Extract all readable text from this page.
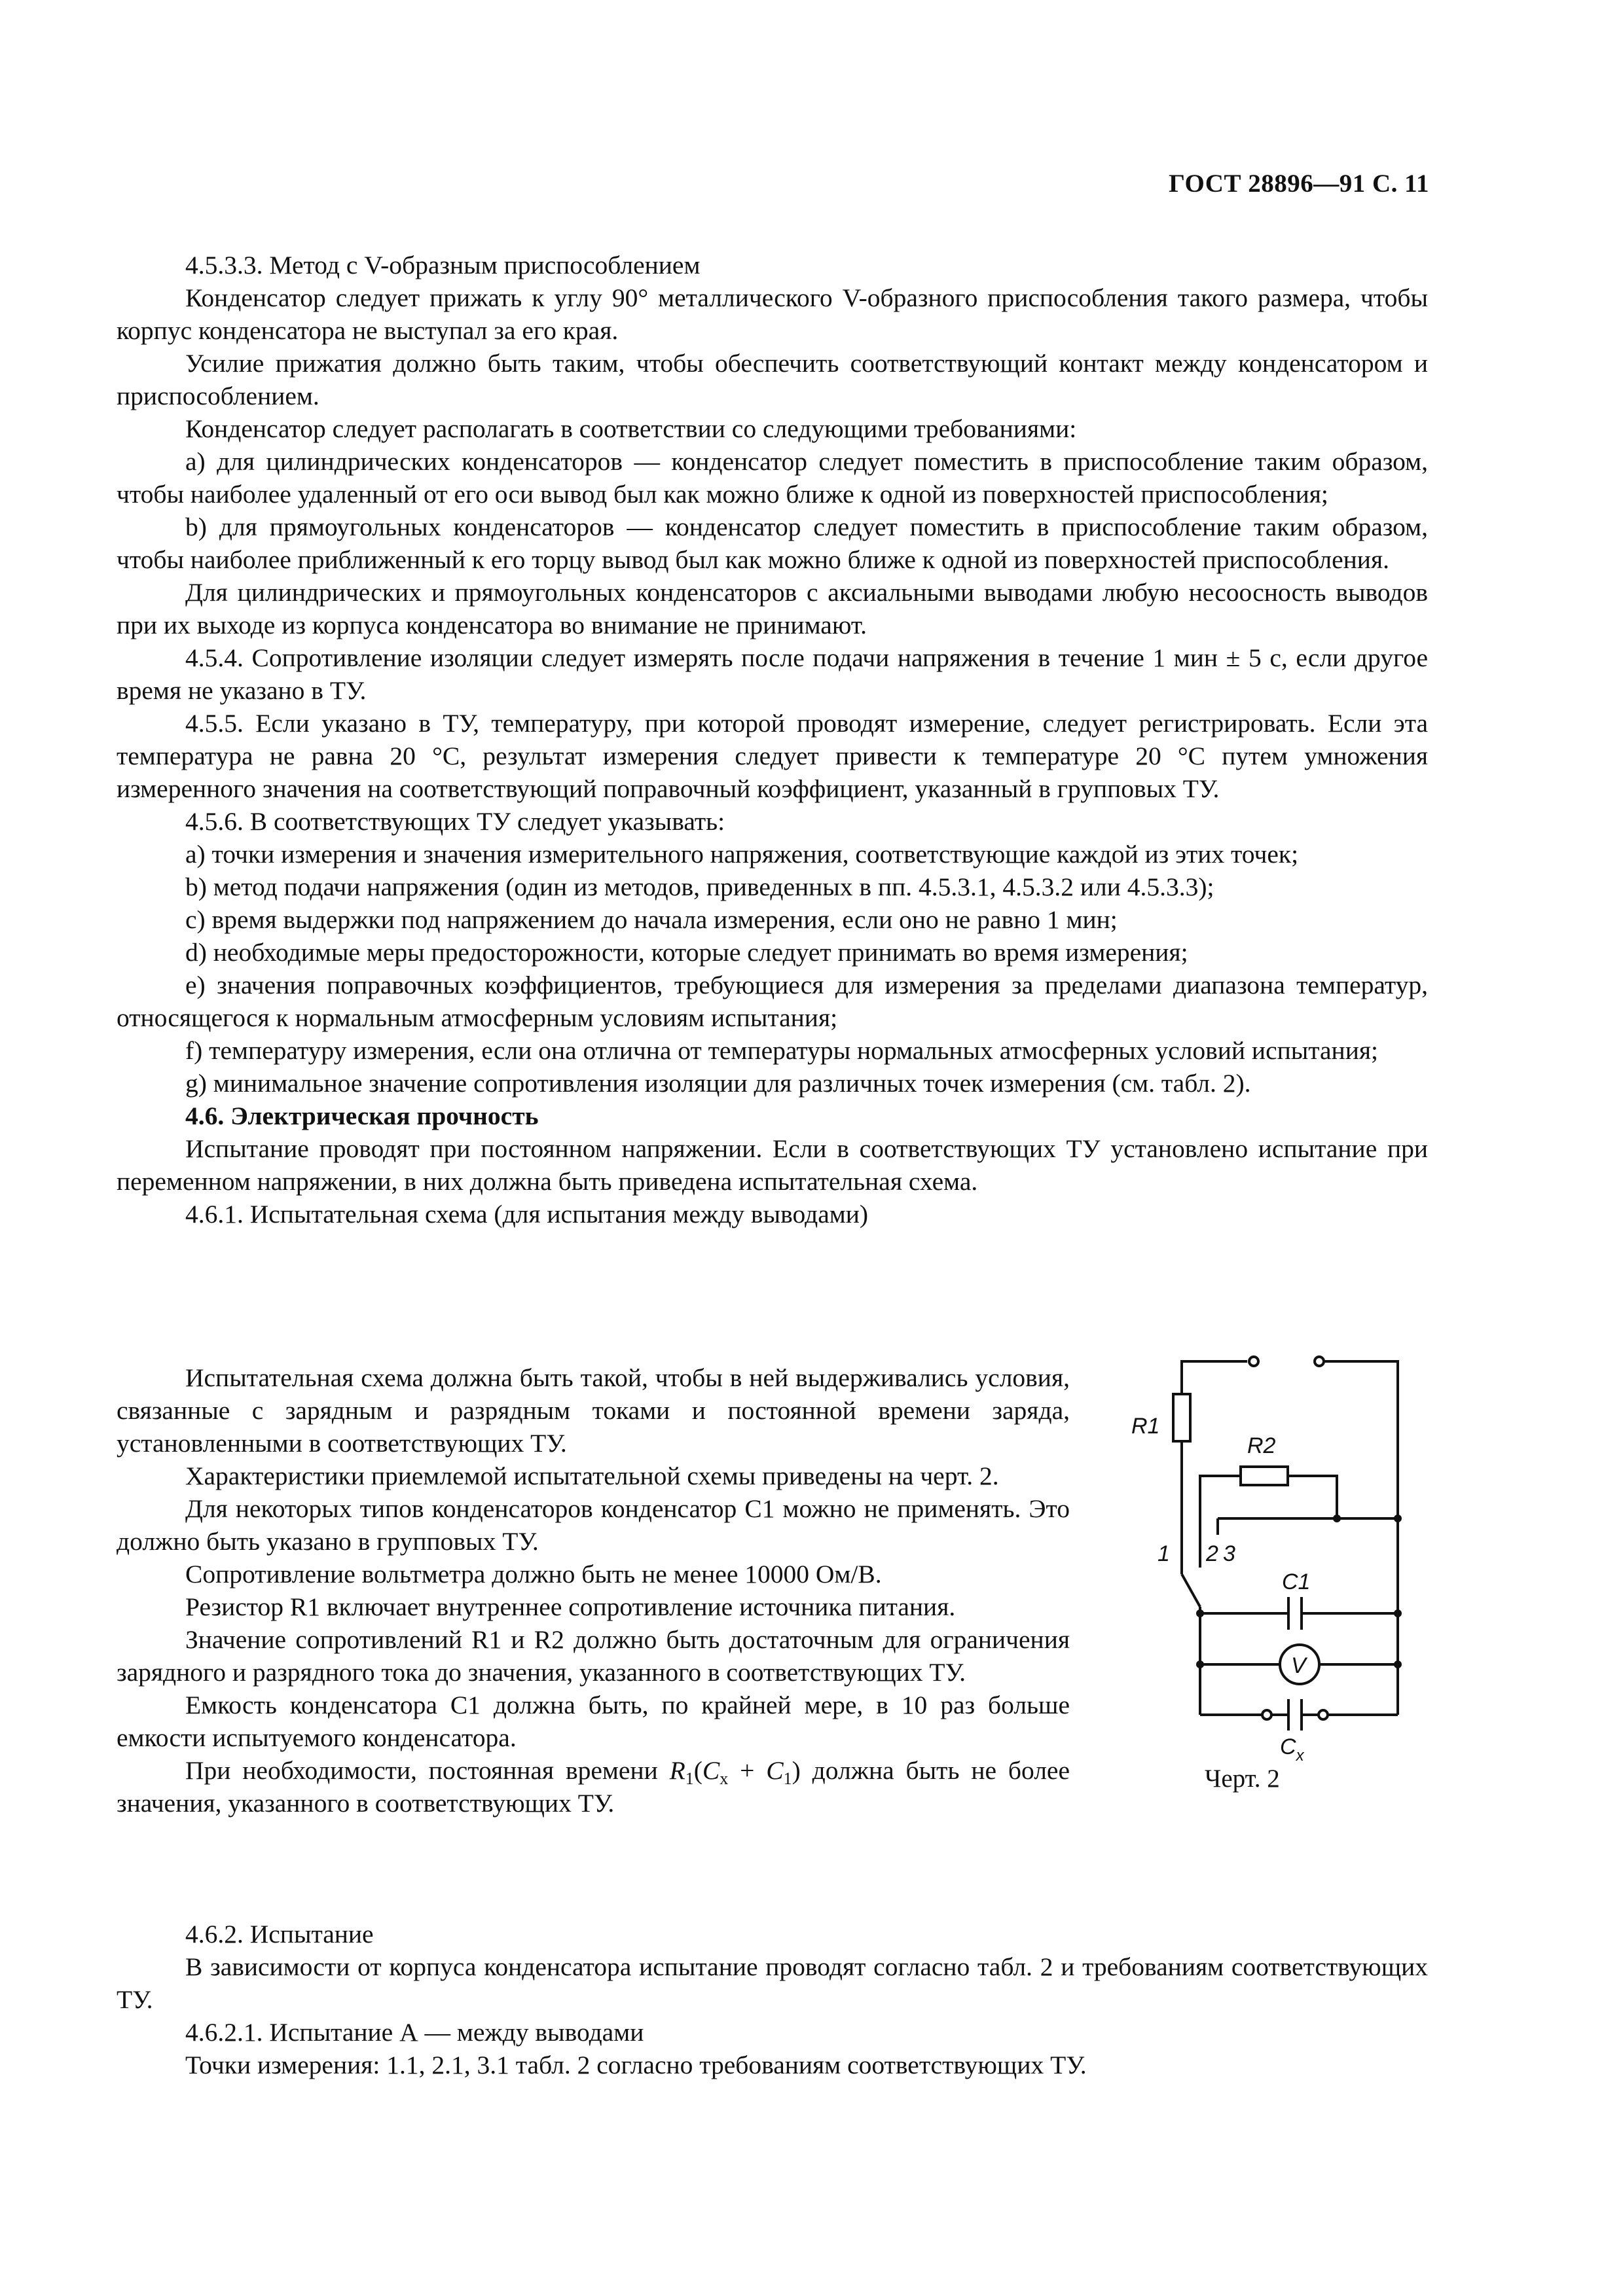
ГОСТ 28896—91 С. 11

4.5.3.3. Метод с V-образным приспособлением

Конденсатор следует прижать к углу 90° металлического V-образного приспособления такого размера, чтобы корпус конденсатора не выступал за его края.

Усилие прижатия должно быть таким, чтобы обеспечить соответствующий контакт между конденсатором и приспособлением.

Конденсатор следует располагать в соответствии со следующими требованиями:

а) для цилиндрических конденсаторов — конденсатор следует поместить в приспособление таким образом, чтобы наиболее удаленный от его оси вывод был как можно ближе к одной из поверхностей приспособления;

b) для прямоугольных конденсаторов — конденсатор следует поместить в приспособление таким образом, чтобы наиболее приближенный к его торцу вывод был как можно ближе к одной из поверхностей приспособления.

Для цилиндрических и прямоугольных конденсаторов с аксиальными выводами любую несоосность выводов при их выходе из корпуса конденсатора во внимание не принимают.

4.5.4. Сопротивление изоляции следует измерять после подачи напряжения в течение 1 мин ± 5 с, если другое время не указано в ТУ.

4.5.5. Если указано в ТУ, температуру, при которой проводят измерение, следует регистрировать. Если эта температура не равна 20 °С, результат измерения следует привести к температуре 20 °С путем умножения измеренного значения на соответствующий поправочный коэффициент, указанный в групповых ТУ.

4.5.6. В соответствующих ТУ следует указывать:

а) точки измерения и значения измерительного напряжения, соответствующие каждой из этих точек;

b) метод подачи напряжения (один из методов, приведенных в пп. 4.5.3.1, 4.5.3.2 или 4.5.3.3);

c) время выдержки под напряжением до начала измерения, если оно не равно 1 мин;

d) необходимые меры предосторожности, которые следует принимать во время измерения;

е) значения поправочных коэффициентов, требующиеся для измерения за пределами диапазона температур, относящегося к нормальным атмосферным условиям испытания;

f) температуру измерения, если она отлична от температуры нормальных атмосферных условий испытания;

g) минимальное значение сопротивления изоляции для различных точек измерения (см. табл. 2).

4.6. Электрическая прочность

Испытание проводят при постоянном напряжении. Если в соответствующих ТУ установлено испытание при переменном напряжении, в них должна быть приведена испытательная схема.

4.6.1. Испытательная схема (для испытания между выводами)

Испытательная схема должна быть такой, чтобы в ней выдерживались условия, связанные с зарядным и разрядным токами и постоянной времени заряда, установленными в соответствующих ТУ.

Характеристики приемлемой испытательной схемы приведены на черт. 2.

Для некоторых типов конденсаторов конденсатор C1 можно не применять. Это должно быть указано в групповых ТУ.

Сопротивление вольтметра должно быть не менее 10000 Ом/В.

Резистор R1 включает внутреннее сопротивление источника питания.

Значение сопротивлений R1 и R2 должно быть достаточным для ограничения зарядного и разрядного тока до значения, указанного в соответствующих ТУ.

Емкость конденсатора C1 должна быть, по крайней мере, в 10 раз больше емкости испытуемого конденсатора.

При необходимости, постоянная времени $R_1(C_x + C_1)$ должна быть не более значения, указанного в соответствующих ТУ.

4.6.2. Испытание

В зависимости от корпуса конденсатора испытание проводят согласно табл. 2 и требованиям соответствующих ТУ.

4.6.2.1. Испытание А — между выводами

Точки измерения: 1.1, 2.1, 3.1 табл. 2 согласно требованиям соответствующих ТУ.

R1
R2
1 2 3
C1
V
$C_x$
Черт. 2
